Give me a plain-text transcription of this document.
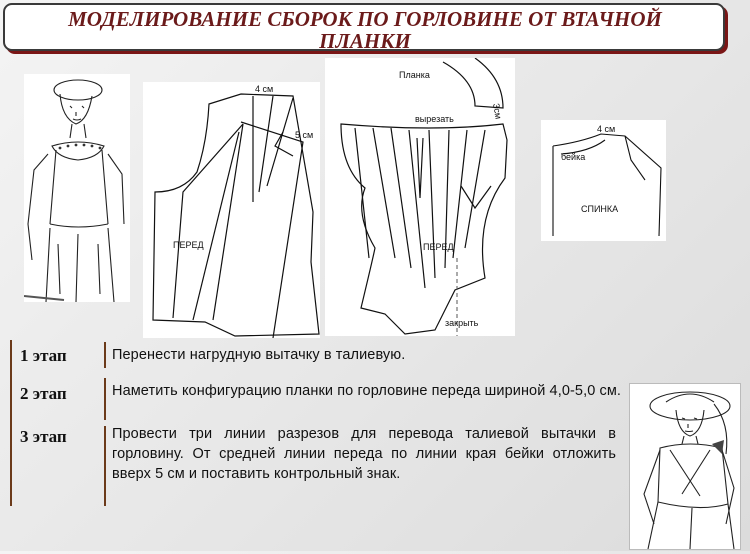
МОДЕЛИРОВАНИЕ СБОРОК ПО ГОРЛОВИНЕ ОТ ВТАЧНОЙ ПЛАНКИ
4 см
5 см
ПЕРЕД
Планка
3см
вырезать
ПЕРЕД
закрыть
4 см
бейка
СПИНКА
1 этап	Перенести нагрудную вытачку в талиевую.
2 этап	Наметить конфигурацию планки по горловине переда шириной 4,0-5,0 см.
3 этап	Провести три линии разрезов для перевода талиевой вытачки в горловину. От средней линии переда по линии края бейки отложить вверх 5 см и поставить контрольный знак.
